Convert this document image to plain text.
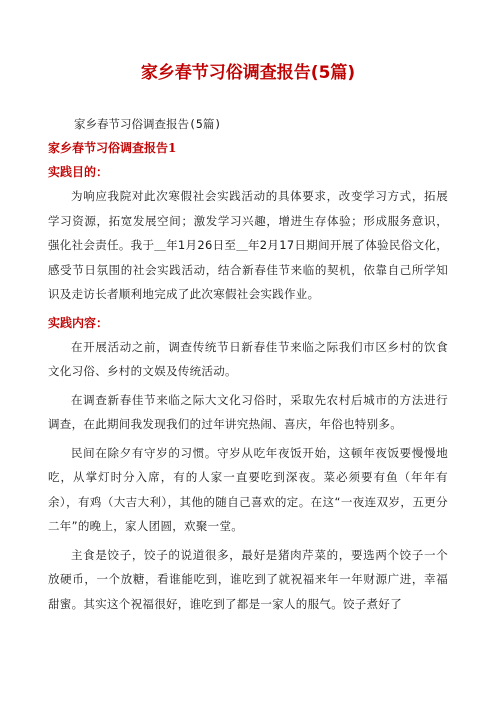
家乡春节习俗调查报告(5篇)
家乡春节习俗调查报告(5篇)
家乡春节习俗调查报告1
实践目的：

为响应我院对此次寒假社会实践活动的具体要求，改变学习方式，拓展学习资源，拓宽发展空间；激发学习兴趣，增进生存体验；形成服务意识，强化社会责任。我于＿年1月26日至＿年2月17日期间开展了体验民俗文化，感受节日氛围的社会实践活动，结合新春佳节来临的契机，依靠自己所学知识及走访长者顺利地完成了此次寒假社会实践作业。

实践内容：

在开展活动之前，调查传统节日新春佳节来临之际我们市区乡村的饮食文化习俗、乡村的文娱及传统活动。

在调查新春佳节来临之际大文化习俗时，采取先农村后城市的方法进行调查，在此期间我发现我们的过年讲究热闹、喜庆，年俗也特别多。

民间在除夕有守岁的习惯。守岁从吃年夜饭开始，这顿年夜饭要慢慢地吃，从掌灯时分入席，有的人家一直要吃到深夜。菜必须要有鱼（年年有余），有鸡（大吉大利），其他的随自己喜欢的定。在这“一夜连双岁，五更分二年”的晚上，家人团圆，欢聚一堂。

主食是饺子，饺子的说道很多，最好是猪肉芹菜的，要选两个饺子一个放硬币，一个放糖，看谁能吃到，谁吃到了就祝福来年一年财源广进，幸福甜蜜。其实这个祝福很好，谁吃到了都是一家人的服气。饺子煮好了
